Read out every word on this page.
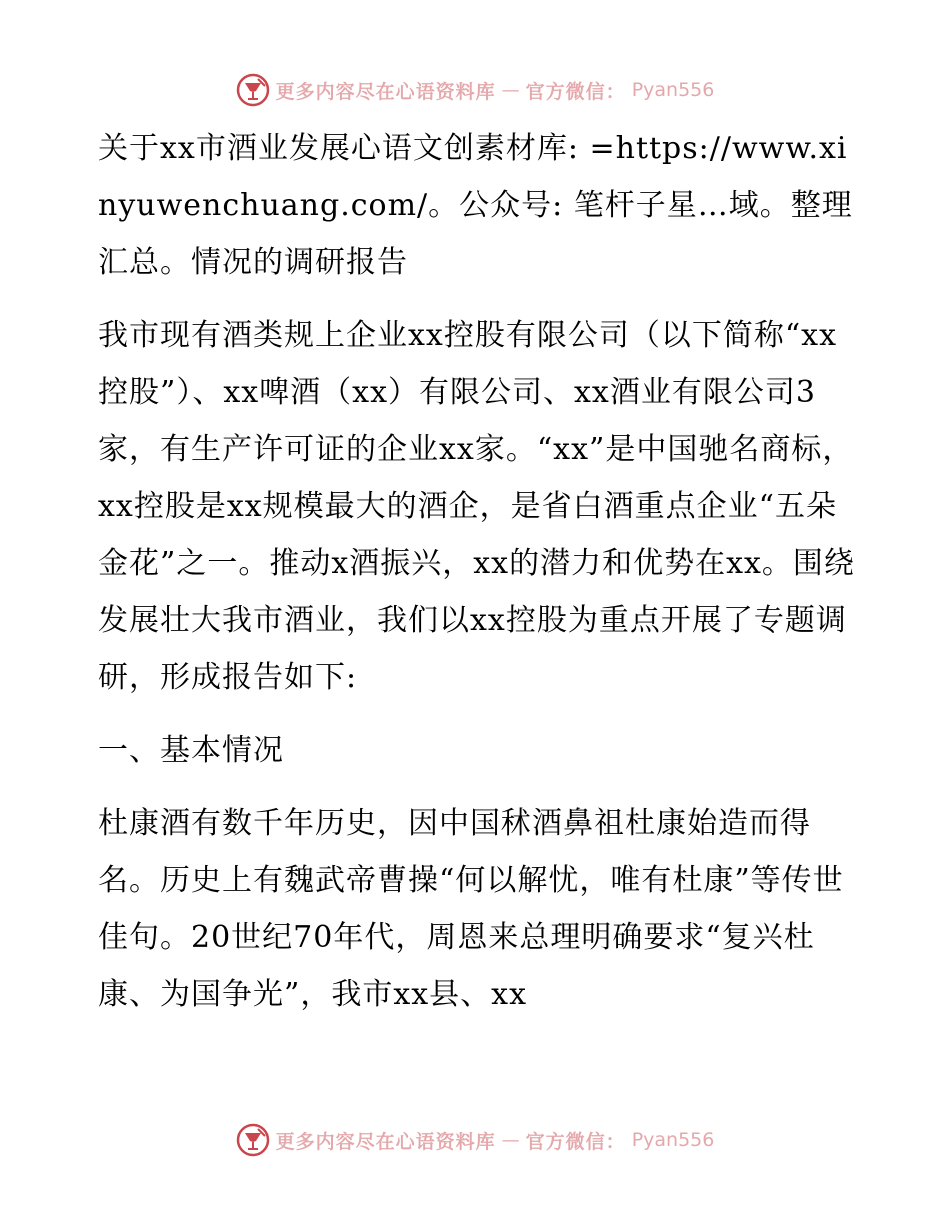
更多内容尽在心语资料库 — 官方微信： Pyan556

关于xx市酒业发展心语文创素材库: =https://www.xinyuwenchuang.com/。公众号: 笔杆子星…域。整理汇总。情况的调研报告

我市现有酒类规上企业xx控股有限公司（以下简称“xx控股”）、xx啤酒（xx）有限公司、xx酒业有限公司3家，有生产许可证的企业xx家。“xx”是中国驰名商标，xx控股是xx规模最大的酒企，是省白酒重点企业“五朵金花”之一。推动x酒振兴，xx的潜力和优势在xx。围绕发展壮大我市酒业，我们以xx控股为重点开展了专题调研，形成报告如下:

一、基本情况

杜康酒有数千年历史，因中国秫酒鼻祖杜康始造而得名。历史上有魏武帝曹操“何以解忧，唯有杜康”等传世佳句。20世纪70年代，周恩来总理明确要求“复兴杜康、为国争光”，我市xx县、xx

更多内容尽在心语资料库 — 官方微信： Pyan556
